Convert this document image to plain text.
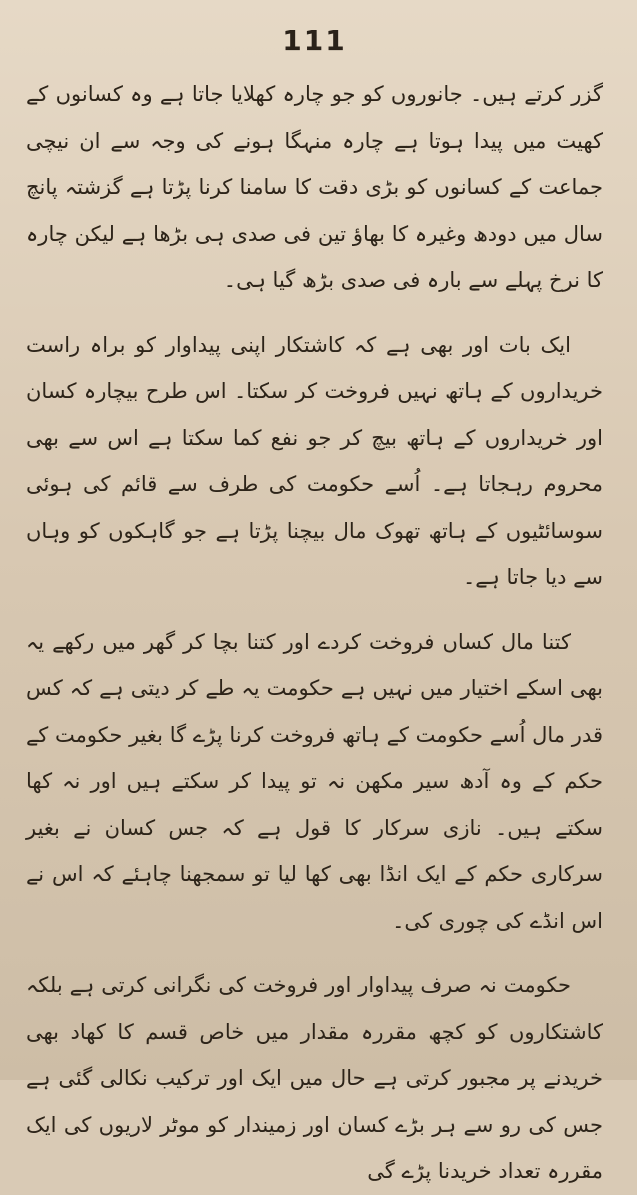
111

گزر کرتے ہیں۔ جانوروں کو جو چارہ کھلایا جاتا ہے وہ کسانوں کے کھیت میں پیدا ہوتا ہے چارہ منہگا ہونے کی وجہ سے ان نیچی جماعت کے کسانوں کو بڑی دقت کا سامنا کرنا پڑتا ہے گزشتہ پانچ سال میں دودھ وغیرہ کا بھاؤ تین فی صدی ہی بڑھا ہے لیکن چارہ کا نرخ پہلے سے بارہ فی صدی بڑھ گیا ہی۔

ایک بات اور بھی ہے کہ کاشتکار اپنی پیداوار کو براہ راست خریداروں کے ہاتھ نہیں فروخت کر سکتا۔ اس طرح بیچارہ کسان اور خریداروں کے ہاتھ بیچ کر جو نفع کما سکتا ہے اس سے بھی محروم رہجاتا ہے۔ اُسے حکومت کی طرف سے قائم کی ہوئی سوسائٹیوں کے ہاتھ تھوک مال بیچنا پڑتا ہے جو گاہکوں کو وہاں سے دیا جاتا ہے۔

کتنا مال کساں فروخت کردے اور کتنا بچا کر گھر میں رکھے یہ بھی اسکے اختیار میں نہیں ہے حکومت یہ طے کر دیتی ہے کہ کس قدر مال اُسے حکومت کے ہاتھ فروخت کرنا پڑے گا بغیر حکومت کے حکم کے وہ آدھ سیر مکھن نہ تو پیدا کر سکتے ہیں اور نہ کھا سکتے ہیں۔ نازی سرکار کا قول ہے کہ جس کسان نے بغیر سرکاری حکم کے ایک انڈا بھی کھا لیا تو سمجھنا چاہئے کہ اس نے اس انڈے کی چوری کی۔

حکومت نہ صرف پیداوار اور فروخت کی نگرانی کرتی ہے بلکہ کاشتکاروں کو کچھ مقررہ مقدار میں خاص قسم کا کھاد بھی خریدنے پر مجبور کرتی ہے حال میں ایک اور ترکیب نکالی گئی ہے جس کی رو سے ہر بڑے کسان اور زمیندار کو موٹر لاریوں کی ایک مقررہ تعداد خریدنا پڑے گی
